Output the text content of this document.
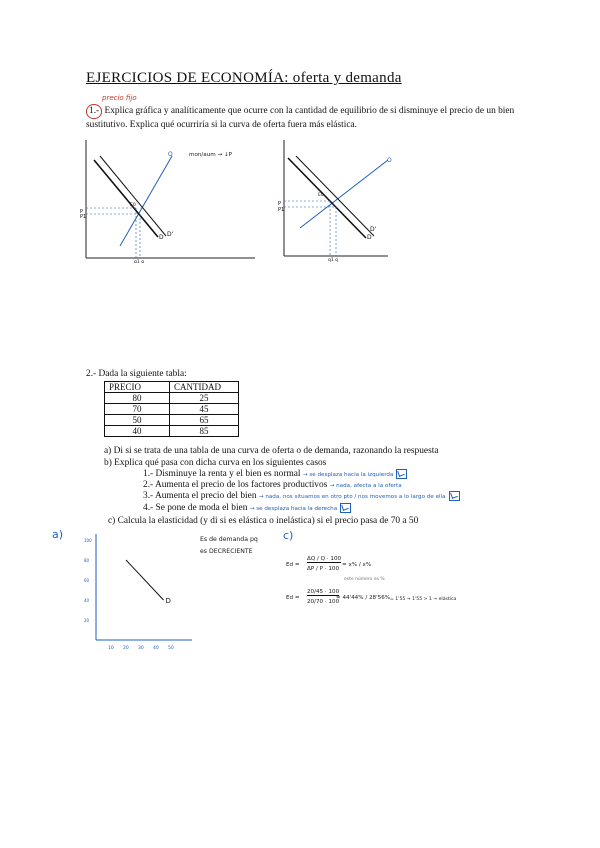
EJERCICIOS DE ECONOMÍA: oferta y demanda
precio fijo
1.- Explica gráfica y analíticamente que ocurre con la cantidad de equilibrio de si disminuye el precio de un bien sustitutivo. Explica qué ocurriría si la curva de oferta fuera más elástica.
O
D D'
E0
P
P1
q1 q
mon/aum → ↓P
O
D
D'
E0
P
P1
q1 q
2.- Dada la siguiente tabla:
PRECIO	CANTIDAD
80	25
70	45
50	65
40	85
a) Di si se trata de una tabla de una curva de oferta o de demanda, razonando la respuesta
b) Explica qué pasa con dicha curva en los siguientes casos
1.- Disminuye la renta y el bien es normal → se desplaza hacia la izquierda
2.- Aumenta el precio de los factores productivos → nada, afecta a la oferta
3.- Aumenta el precio del bien → nada, nos situamos en otro pto / nos movemos a lo largo de ella
4.- Se pone de moda el bien → se desplaza hacia la derecha
c) Calcula la elasticidad (y di si es elástica o inelástica) si el precio pasa de 70 a 50
a)	c)
Es de demanda pq
es DECRECIENTE
10 20 30 40 50
100
80
60
40
20
D
Ed =
ΔQ / Q · 100
ΔP / P · 100
= x% / x%
este número es %
Ed =
20/45 · 100
20/70 · 100
= 44'44% / 28'56% = 1'55 → 1'55 > 1 → elástica
